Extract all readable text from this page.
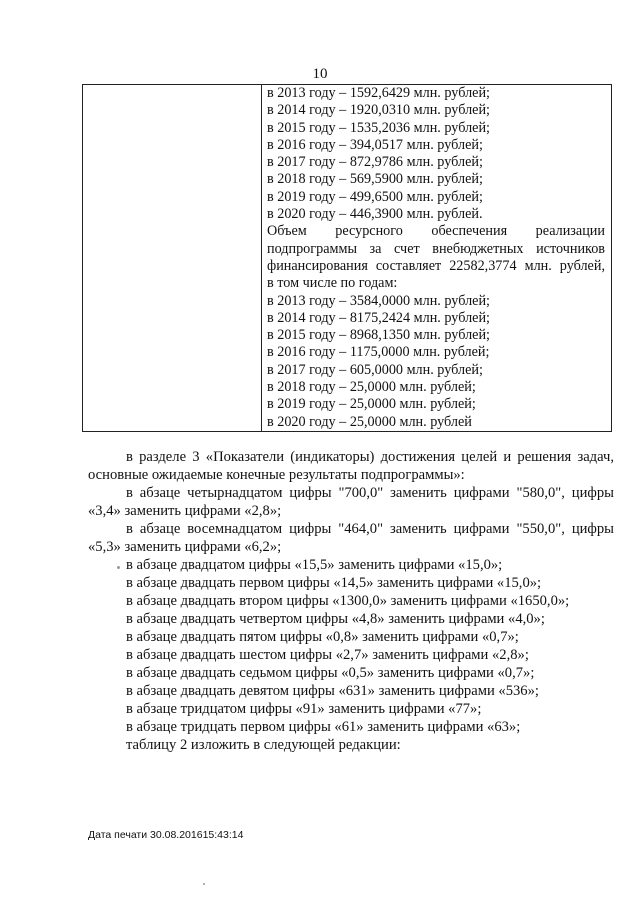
10
в 2013 году – 1592,6429 млн. рублей;
в 2014 году – 1920,0310 млн. рублей;
в 2015 году – 1535,2036 млн. рублей;
в 2016 году – 394,0517 млн. рублей;
в 2017 году – 872,9786 млн. рублей;
в 2018 году – 569,5900 млн. рублей;
в 2019 году – 499,6500 млн. рублей;
в 2020 году – 446,3900 млн. рублей.
Объем ресурсного обеспечения реализации
подпрограммы за счет внебюджетных источников
финансирования составляет 22582,3774 млн. рублей,
в том числе по годам:
в 2013 году – 3584,0000 млн. рублей;
в 2014 году – 8175,2424 млн. рублей;
в 2015 году – 8968,1350 млн. рублей;
в 2016 году – 1175,0000 млн. рублей;
в 2017 году – 605,0000 млн. рублей;
в 2018 году – 25,0000 млн. рублей;
в 2019 году – 25,0000 млн. рублей;
в 2020 году – 25,0000 млн. рублей

в разделе 3 «Показатели (индикаторы) достижения целей и решения задач, основные ожидаемые конечные результаты подпрограммы»:

в абзаце четырнадцатом цифры "700,0" заменить цифрами "580,0", цифры «3,4» заменить цифрами «2,8»;

в абзаце восемнадцатом цифры "464,0" заменить цифрами "550,0", цифры «5,3» заменить цифрами «6,2»;

в абзаце двадцатом цифры «15,5» заменить цифрами «15,0»;

в абзаце двадцать первом цифры «14,5» заменить цифрами «15,0»;

в абзаце двадцать втором цифры «1300,0» заменить цифрами «1650,0»;

в абзаце двадцать четвертом цифры «4,8» заменить цифрами «4,0»;

в абзаце двадцать пятом цифры «0,8» заменить цифрами «0,7»;

в абзаце двадцать шестом цифры «2,7» заменить цифрами «2,8»;

в абзаце двадцать седьмом цифры «0,5» заменить цифрами «0,7»;

в абзаце двадцать девятом цифры «631» заменить цифрами «536»;

в абзаце тридцатом цифры «91» заменить цифрами «77»;

в абзаце тридцать первом цифры «61» заменить цифрами «63»;

таблицу 2 изложить в следующей редакции:

Дата печати 30.08.201615:43:14
